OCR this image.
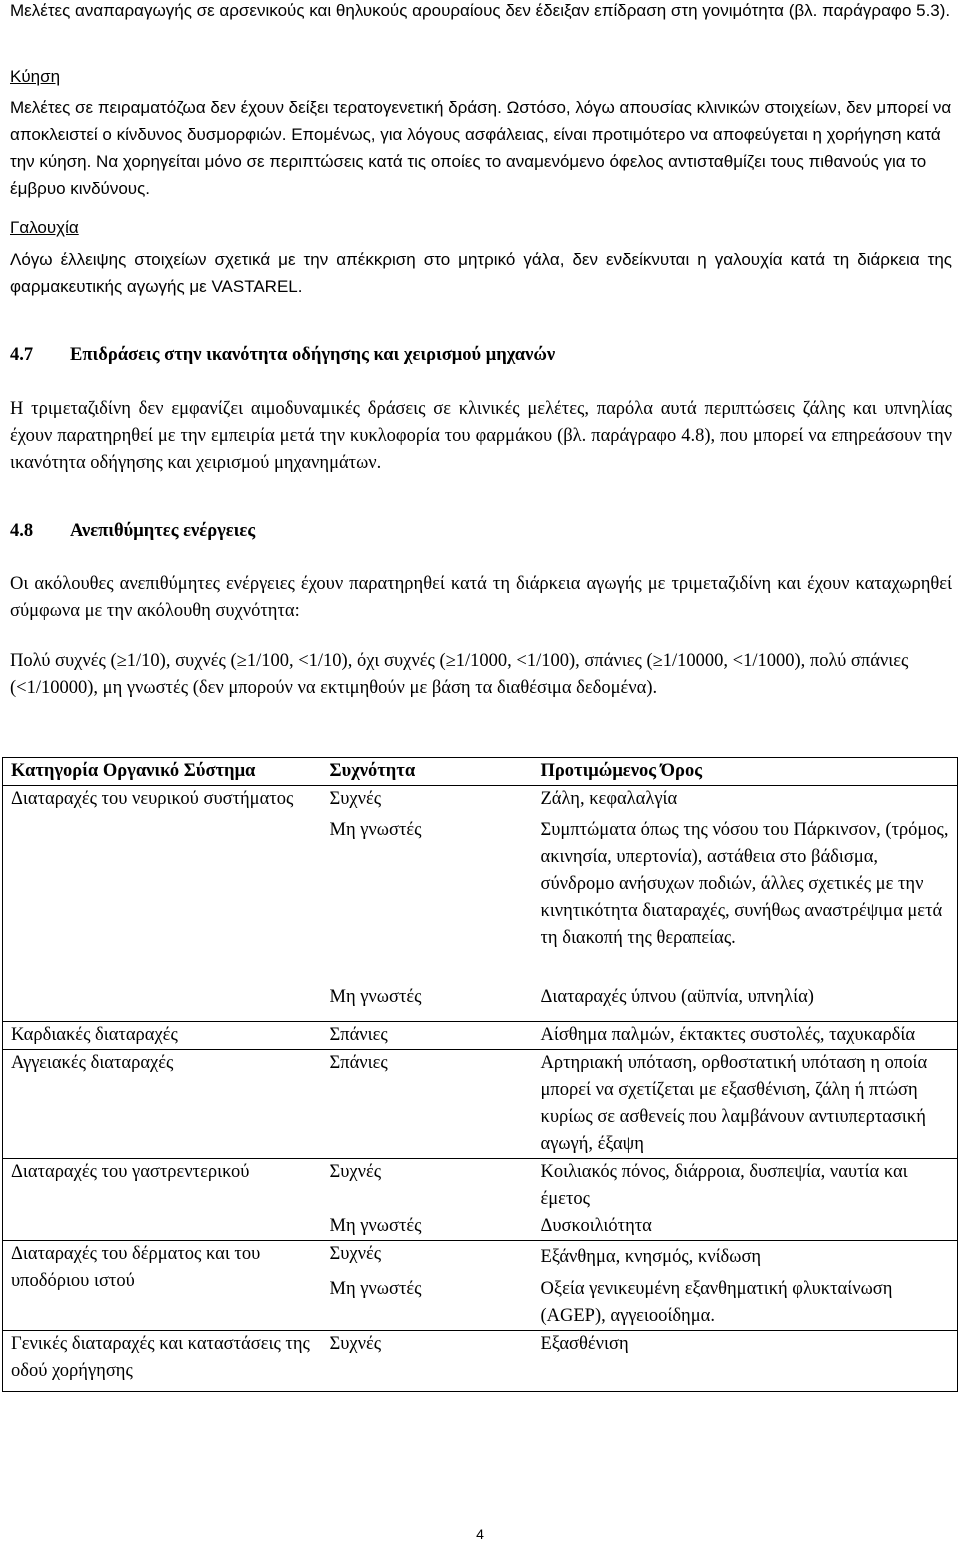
Μελέτες αναπαραγωγής σε αρσενικούς και θηλυκούς αρουραίους δεν έδειξαν επίδραση στη γονιμότητα (βλ. παράγραφο 5.3).

Κύηση

Μελέτες σε πειραματόζωα δεν έχουν δείξει τερατογενετική δράση. Ωστόσο, λόγω απουσίας κλινικών στοιχείων, δεν μπορεί να αποκλειστεί ο κίνδυνος δυσμορφιών. Επομένως, για λόγους ασφάλειας, είναι προτιμότερο να αποφεύγεται η χορήγηση κατά την κύηση. Να χορηγείται μόνο σε περιπτώσεις κατά τις οποίες το αναμενόμενο όφελος αντισταθμίζει τους πιθανούς για το έμβρυο κινδύνους.

Γαλουχία

Λόγω έλλειψης στοιχείων σχετικά με την απέκκριση στο μητρικό γάλα, δεν ενδείκνυται η γαλουχία κατά τη διάρκεια της φαρμακευτικής αγωγής με VASTAREL.

4.7 Επιδράσεις στην ικανότητα οδήγησης και χειρισμού μηχανών

Η τριμεταζιδίνη δεν εμφανίζει αιμοδυναμικές δράσεις σε κλινικές μελέτες, παρόλα αυτά περιπτώσεις ζάλης και υπνηλίας έχουν παρατηρηθεί με την εμπειρία μετά την κυκλοφορία του φαρμάκου (βλ. παράγραφο 4.8), που μπορεί να επηρεάσουν την ικανότητα οδήγησης και χειρισμού μηχανημάτων.

4.8 Ανεπιθύμητες ενέργειες

Οι ακόλουθες ανεπιθύμητες ενέργειες έχουν παρατηρηθεί κατά τη διάρκεια αγωγής με τριμεταζιδίνη και έχουν καταχωρηθεί σύμφωνα με την ακόλουθη συχνότητα:

Πολύ συχνές ( ≥ 1/10), συχνές ( ≥ 1/100, <1/10), όχι συχνές ( ≥ 1/1000, <1/100), σπάνιες ( ≥ 1/10000, <1/1000), πολύ σπάνιες (<1/10000), μη γνωστές (δεν μπορούν να εκτιμηθούν με βάση τα διαθέσιμα δεδομένα).

Κατηγορία Οργανικό Σύστημα	Συχνότητα	Προτιμώμενος Όρος
Διαταραχές του νευρικού συστήματος	Συχνές	Ζάλη, κεφαλαλγία
	Μη γνωστές	Συμπτώματα όπως της νόσου του Πάρκινσον, (τρόμος, ακινησία, υπερτονία), αστάθεια στο βάδισμα, σύνδρομο ανήσυχων ποδιών, άλλες σχετικές με την κινητικότητα διαταραχές, συνήθως αναστρέψιμα μετά τη διακοπή της θεραπείας.
	Μη γνωστές	Διαταραχές ύπνου (αϋπνία, υπνηλία)
Καρδιακές διαταραχές	Σπάνιες	Αίσθημα παλμών, έκτακτες συστολές, ταχυκαρδία
Αγγειακές διαταραχές	Σπάνιες	Αρτηριακή υπόταση, ορθοστατική υπόταση η οποία μπορεί να σχετίζεται με εξασθένιση, ζάλη ή πτώση κυρίως σε ασθενείς που λαμβάνουν αντιυπερτασική αγωγή, έξαψη
Διαταραχές του γαστρεντερικού	Συχνές	Κοιλιακός πόνος, διάρροια, δυσπεψία, ναυτία και έμετος
	Μη γνωστές	Δυσκοιλιότητα
Διαταραχές του δέρματος και του υποδόριου ιστού	Συχνές	Εξάνθημα, κνησμός, κνίδωση
	Μη γνωστές	Οξεία γενικευμένη εξανθηματική φλυκταίνωση (AGEP), αγγειοοίδημα.
Γενικές διαταραχές και καταστάσεις της οδού χορήγησης	Συχνές	Εξασθένιση
4
